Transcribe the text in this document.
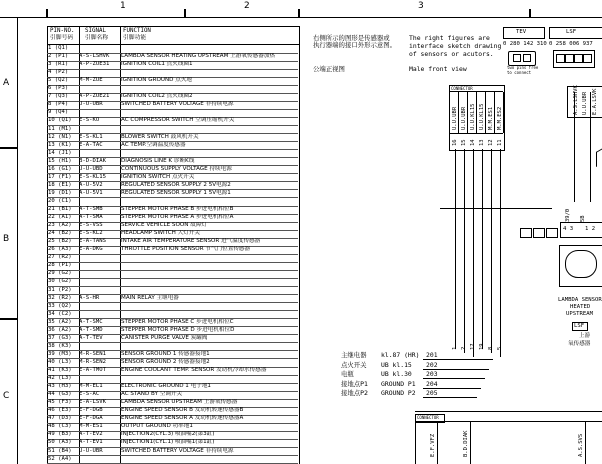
1	2	3
A
B
C
PIN-NO.
引脚号码
SIGNAL
引脚名称
FUNCTION
引脚功能
1 (Q1)
2 (P1)	A-S-LSHVK	LAMBDA SENSOR HEATING UPSTREAM 上游氧传感器加热
3 (R1)	A-P-ZUE31	IGNITION COIL1 点火线圈1
4 (P2)
5 (Q2)	M-M-ZUE	IGNITION GROUND 点火地
6 (P3)
7 (Q3)	A-P-ZUE21	IGNITION COIL2 点火线圈2
8 (P4)	U-U-UBR	SWITCHED BATTERY VOLTAGE 非持续电源
9 (Q4)
10 (Q1)	E-S-KO	AC COMPRESSOR SWITCH 空调压缩机开关
11 (M1)
12 (N1)	E-S-KL1	BLOWER SWITCH 鼓风机开关
13 (K1)	E-A-TAC	AC TEMP.空调温度传感器
14 (J1)
15 (H1)	B-D-DIAK	DIAGNOSIS LINE K 诊断K线
16 (G1)	U-U-UBD	CONTINUOUS SUPPLY VOLTAGE 持续电源
17 (F1)	E-S-KL15	IGNITION SWITCH 点火开关
18 (E1)	A-U-5V2	REGULATED SENSOR SUPPLY 2 5V电源2
19 (D1)	A-U-5V1	REGULATED SENSOR SUPPLY 1 5V电源1
20 (C1)
21 (B1)	A-T-SMB	STEPPER MOTOR PHASE B 步进电机相位B
22 (A1)	A-T-SMA	STEPPER MOTOR PHASE A 步进电机相位A
23 (A2)	E-S-VSS	SERVICE VEHICLE SOON 故障灯
24 (B2)	E-S-KL2	HEADLAMP SWITCH 大灯开关
25 (B2)	E-A-TANS	INTAKE AIR TEMPERATURE SENSOR 进气温度传感器
26 (A3)	E-A-DKG	THROTTLE POSITION SENSOR 节气门位置传感器
27 (R2)
28 (P1)
29 (G2)
30 (G2)
31 (P2)
32 (R2)	A-S-HR	MAIN RELAY 主继电器
33 (Q2)
34 (C2)
35 (A2)	A-T-SMC	STEPPER MOTOR PHASE C 步进电机相位C
36 (A2)	A-T-SMD	STEPPER MOTOR PHASE D 步进电机相位D
37 (G3)	A-T-TEV	CANISTER PURGE VALVE 炭罐阀
38 (K3)
39 (M3)	M-R-SEN1	SENSOR GROUND 1 传感器接地1
40 (L3)	M-R-SEN2	SENSOR GROUND 2 传感器接地2
41 (K3)	E-A-TMOT	ENGINE COOLANT TEMP. SENSOR 发动机冷却水传感器
42 (L3)
43 (H3)	M-M-EL1	ELECTRONIC GROUND 1 电子地1
44 (G3)	E-S-AC	AC STAND BY 空调开关
45 (F3)	E-A-LSVK	LAMBDA SENSOR UPSTREAM 上游氧传感器
46 (E3)	E-F-DGB	ENGINE SPEED SENSOR B 发动机转速传感器B
47 (D3)	E-F-DGA	ENGINE SPEED SENSOR A 发动机转速传感器A
48 (C3)	M-M-ES1	OUTPUT GROUND 功率地1
49 (B3)	A-T-EV2	INJECTION2(CYL.3) 喷油嘴2(第3缸)
50 (A3)	A-T-EV1	INJECTION1(CYL.1) 喷油嘴1(第1缸)
51 (B4)	U-U-UBR	SWITCHED BATTERY VOLTAGE 非持续电源
52 (A4)
右侧所示的图形是传感器或
执行器端的接口外形示意图。
The right figures are
interface sketch drawing
of sensors or acutors.
公端正视图	Male front view
TEV	LSF
0 280 142 310 0 258 006 937
two pins free
to connect
CONNECTOR
U.U.UBR
16
U.U.UBR
15
U.U.KL15
14
U.U.KL15
13
M.M.ES1
12
M.M.ES2
11
1 2 17 19 8 5
A.S.LSHVK U.U.UBR E.A.LSVK
4 3 1 2
39/0 5B
LAMBDA SENSOR
HEATED
UPSTREAM
LSF
上游
氧传感器
主继电器 kl.87 (HR) 201
点火开关 UB kl.15 202
电瓶	UB kl.30 203
接地点P1 GROUND P1 204
接地点P2 GROUND P2 205
CONNECTOR
E.F.VFZ	B.D.DIAK	A.S.SVS
